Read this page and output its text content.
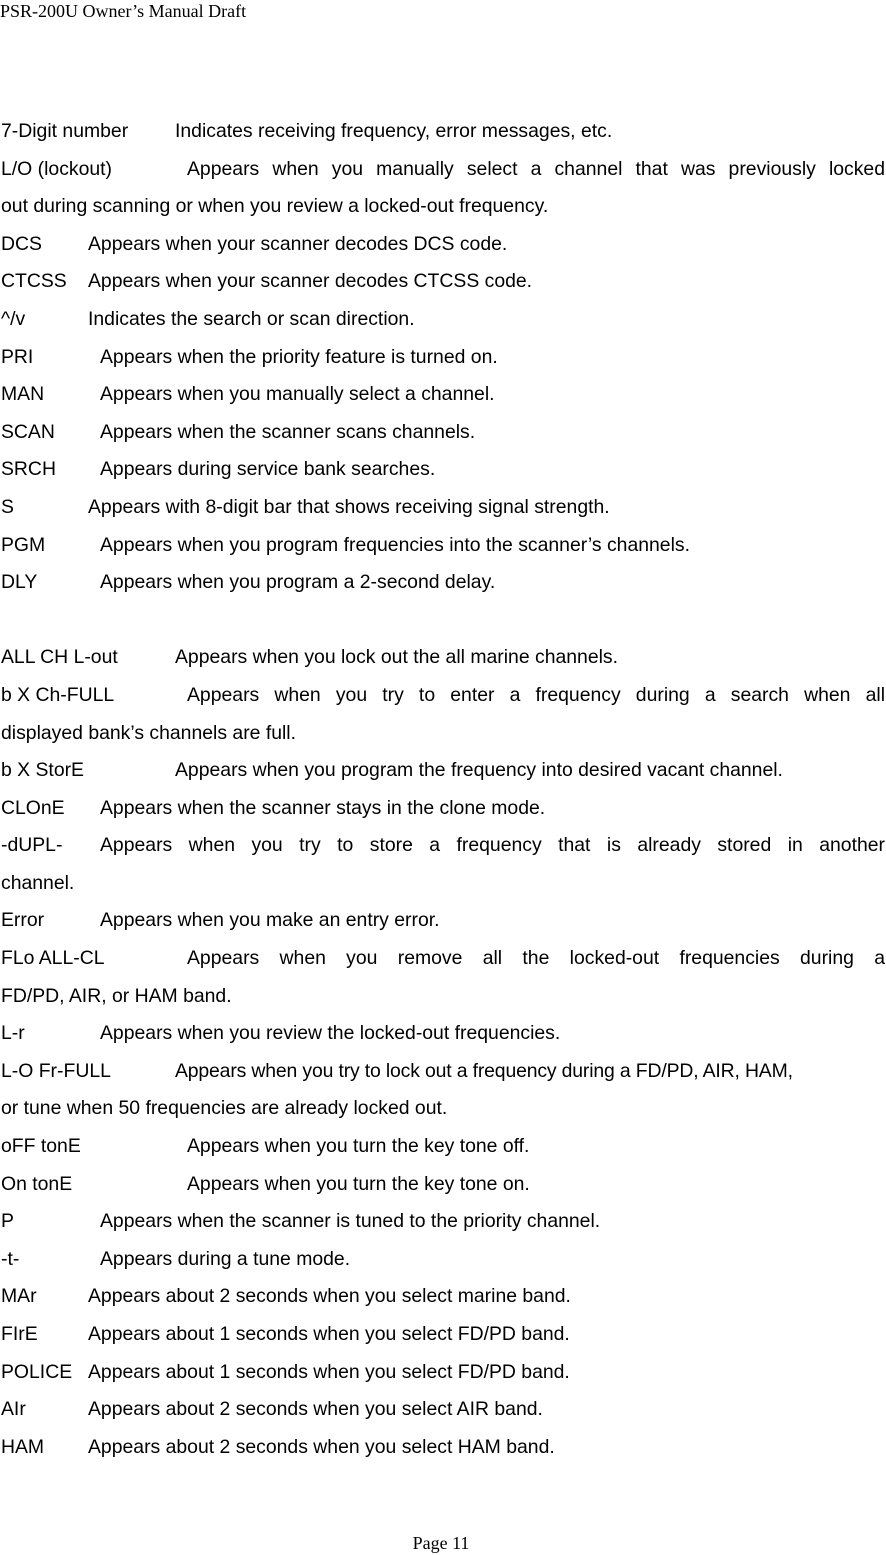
PSR-200U Owner’s Manual Draft
7-Digit number Indicates receiving frequency, error messages, etc.
L/O (lockout)	Appears when you manually select a channel that was previously locked
out during scanning or when you review a locked-out frequency.
DCS Appears when your scanner decodes DCS code.
CTCSS Appears when your scanner decodes CTCSS code.
^/v	Indicates the search or scan direction.
PRI	Appears when the priority feature is turned on.
MAN	Appears when you manually select a channel.
SCAN Appears when the scanner scans channels.
SRCH Appears during service bank searches.
S	Appears with 8-digit bar that shows receiving signal strength.
PGM	Appears when you program frequencies into the scanner’s channels.
DLY	Appears when you program a 2-second delay.
ALL CH L-out	Appears when you lock out the all marine channels.
b X Ch-FULL	Appears when you try to enter a frequency during a search when all
displayed bank’s channels are full.
b X StorE	Appears when you program the frequency into desired vacant channel.
CLOnE Appears when the scanner stays in the clone mode.
-dUPL- Appears when you try to store a frequency that is already stored in another
channel.
Error	Appears when you make an entry error.
FLo ALL-CL	Appears when you remove all the locked-out frequencies during a
FD/PD, AIR, or HAM band.
L-r	Appears when you review the locked-out frequencies.
L-O Fr-FULL	Appears when you try to lock out a frequency during a FD/PD, AIR, HAM,
or tune when 50 frequencies are already locked out.
oFF tonE	Appears when you turn the key tone off.
On tonE	Appears when you turn the key tone on.
P	Appears when the scanner is tuned to the priority channel.
-t-	Appears during a tune mode.
MAr	Appears about 2 seconds when you select marine band.
FIrE	Appears about 1 seconds when you select FD/PD band.
POLICE Appears about 1 seconds when you select FD/PD band.
AIr	Appears about 2 seconds when you select AIR band.
HAM Appears about 2 seconds when you select HAM band.
Page 11
